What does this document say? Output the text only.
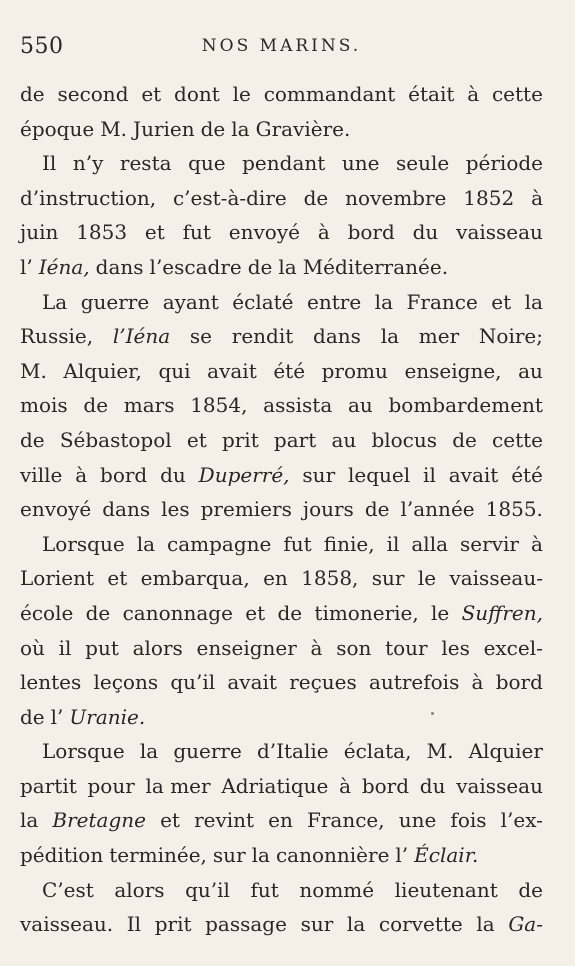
550	NOS MARINS.
de second et dont le commandant était à cette
époque M. Jurien de la Gravière.
Il n’y resta que pendant une seule période
d’instruction, c’est-à-dire de novembre 1852 à
juin 1853 et fut envoyé à bord du vaisseau
l’ Iéna, dans l’escadre de la Méditerranée.
La guerre ayant éclaté entre la France et la
Russie, l’Iéna se rendit dans la mer Noire;
M. Alquier, qui avait été promu enseigne, au
mois de mars 1854, assista au bombardement
de Sébastopol et prit part au blocus de cette
ville à bord du Duperré, sur lequel il avait été
envoyé dans les premiers jours de l’année 1855.
Lorsque la campagne fut finie, il alla servir à
Lorient et embarqua, en 1858, sur le vaisseau-
école de canonnage et de timonerie, le Suffren,
où il put alors enseigner à son tour les excel-
lentes leçons qu’il avait reçues autrefois à bord
de l’ Uranie.
Lorsque la guerre d’Italie éclata, M. Alquier
partit pour la mer Adriatique à bord du vaisseau
la Bretagne et revint en France, une fois l’ex-
pédition terminée, sur la canonnière l’ Éclair.
C’est alors qu’il fut nommé lieutenant de
vaisseau. Il prit passage sur la corvette la Ga-
